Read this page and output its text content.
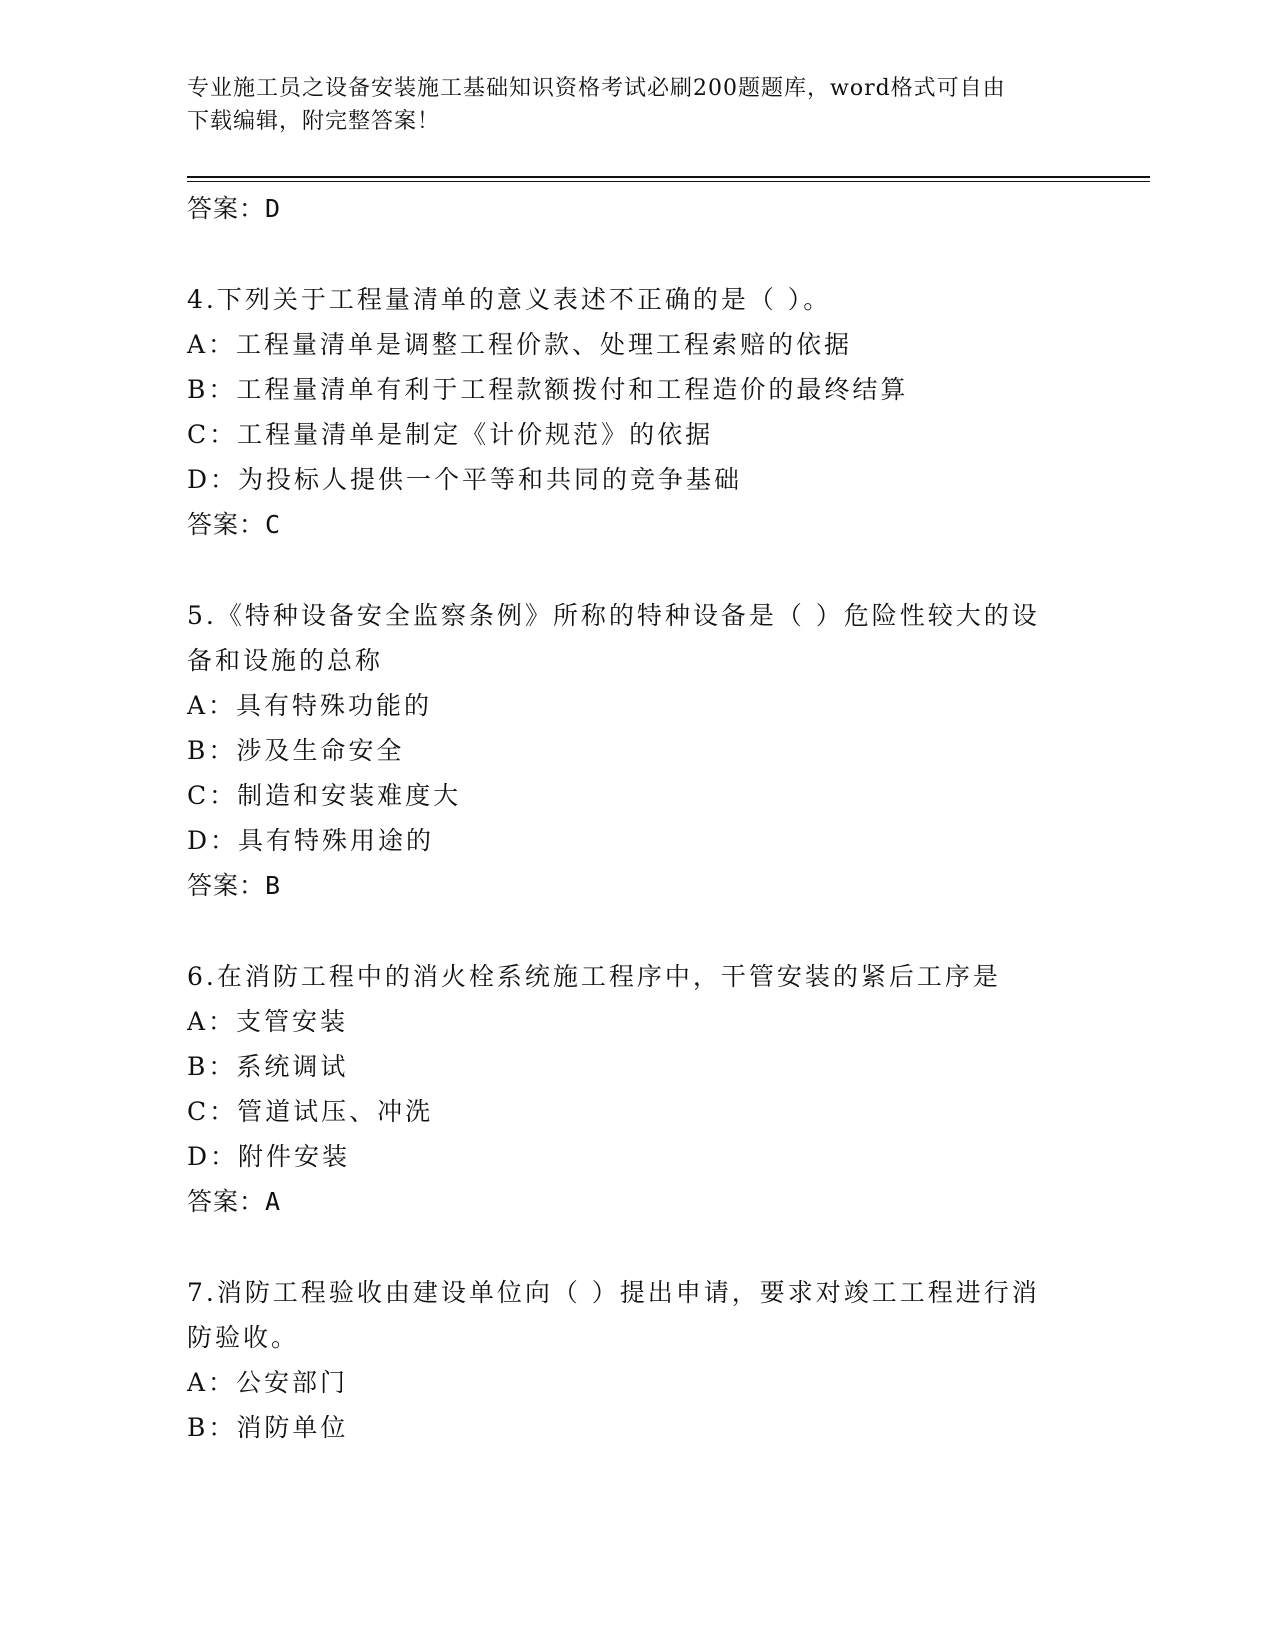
专业施工员之设备安装施工基础知识资格考试必刷200题题库，word格式可自由
下载编辑，附完整答案！
答案：D
4.下列关于工程量清单的意义表述不正确的是（ ）。
A：工程量清单是调整工程价款、处理工程索赔的依据
B：工程量清单有利于工程款额拨付和工程造价的最终结算
C：工程量清单是制定《计价规范》的依据
D：为投标人提供一个平等和共同的竞争基础
答案：C
5.《特种设备安全监察条例》所称的特种设备是（ ）危险性较大的设
备和设施的总称
A：具有特殊功能的
B：涉及生命安全
C：制造和安装难度大
D：具有特殊用途的
答案：B
6.在消防工程中的消火栓系统施工程序中，干管安装的紧后工序是
A：支管安装
B：系统调试
C：管道试压、冲洗
D：附件安装
答案：A
7.消防工程验收由建设单位向（ ）提出申请，要求对竣工工程进行消
防验收。
A：公安部门
B：消防单位
